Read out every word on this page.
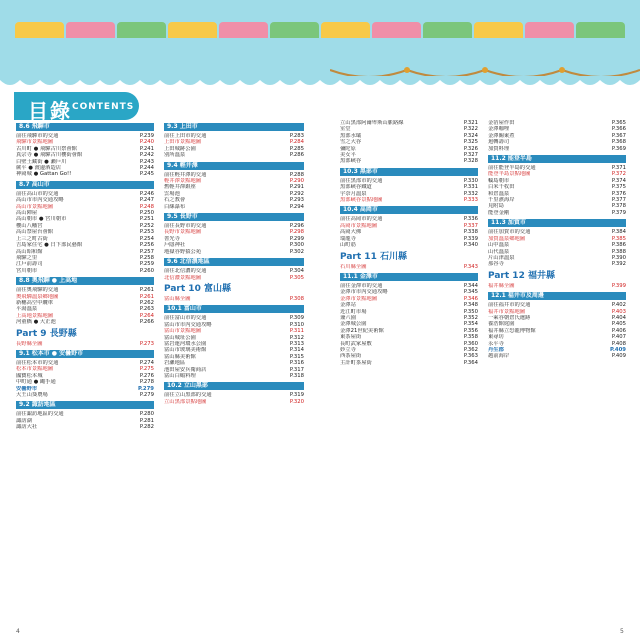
目錄 CONTENTS
8.6 飛驒市
前往飛驒市的交通	P.239
飛驒市景點地圖	P.240
古川町 ● 飛驒古川祭會館	P.241
真宗寺 ● 飛驒古川櫻街會館	P.242
白壁土藏街 ● 瀨戶川	P.243
蕨平 ● 渡邊酒造店	P.244
神岡城 ● Gattan Go!!	P.245
8.7 高山市
前往高山市的交通	P.246
高山市市內交通攻略	P.247
高山市景點地圖	P.248
高山陣屋	P.250
高山朝市 ● 宮川朝市	P.251
櫻山八幡宮	P.252
高山祭屋台會館	P.253
上三之町古街	P.254
吉島家住宅 ● 日下部民藝館	P.256
高山昭和館	P.257
飛驒之里	P.258
江戶前壽司	P.259
宮川朝市	P.260
8.8 奧飛驒 ● 上高地
前往奧飛驒的交通	P.261
奧飛驒溫泉鄉地圖	P.261
新穗高空中纜車	P.262
平湯溫泉	P.263
上高地景點地圖	P.264
河童橋 ● 大正池	P.266
Part 9 長野縣
長野縣全圖	P.273
9.1 松本市 ● 安曇野市
前往松本市的交通	P.274
松本市景點地圖	P.275
國寶松本城	P.276
中町通 ● 繩手通	P.278
安曇野市	P.279
大王山葵農場	P.279
9.2 諏訪地區
前往諏訪地區的交通	P.280
諏訪湖	P.281
諏訪大社	P.282
9.3 上田市
前往上田市的交通	P.283
上田市景點地圖	P.284
上田城跡公園	P.285
別所溫泉	P.286
9.4 輕井澤
前往輕井澤的交通	P.288
輕井澤景點地圖	P.290
舊輕井澤銀座	P.291
雲場池	P.292
石之教會	P.293
白絲瀑布	P.294
9.5 長野市
前往長野市的交通	P.296
長野市景點地圖	P.298
善光寺	P.299
戶隱神社	P.300
地獄谷野猿公苑	P.302
9.6 北信濃地區
前往北信濃的交通	P.304
北信濃景點地圖	P.305
Part 10 富山縣
富山縣全圖	P.308
10.1 富山市
前往富山市的交通	P.309
富山市市內交通攻略	P.310
富山市景點地圖	P.311
富山城址公園	P.312
富岩運河環水公園	P.313
富山市玻璃美術館	P.314
富山縣美術館	P.315
岩瀨地區	P.316
池田屋安兵衛商店	P.317
富山白蝦料理	P.318
10.2 立山黑部
前往立山黑部的交通	P.319
立山黑部景點地圖	P.320
立山黑部阿爾卑斯山脈路線	P.321
室堂	P.322
黑部水壩	P.324
雪之大谷	P.325
彌陀原	P.326
美女平	P.327
黑部峽谷	P.328
10.3 黑部市
前往黑部市的交通	P.330
黑部峽谷鐵道	P.331
宇奈月溫泉	P.332
黑部峽谷景點地圖	P.333
10.4 高岡市
前往高岡市的交通	P.336
高岡市景點地圖	P.337
高岡大佛	P.338
瑞龍寺	P.339
山町筋	P.340
Part 11 石川縣
石川縣全圖	P.343
11.1 金澤市
前往金澤市的交通	P.344
金澤市市內交通攻略	P.345
金澤市景點地圖	P.346
金澤站	P.348
近江町市場	P.350
兼六園	P.352
金澤城公園	P.354
金澤21世紀美術館	P.356
東茶屋街	P.358
長町武家屋敷	P.360
妙立寺	P.362
西茶屋街	P.363
主計町茶屋街	P.364
金箔屋作田	P.365
金澤咖哩	P.366
金澤關東煮	P.367
迴轉壽司	P.368
加賀料理	P.369
11.2 能登半島
前往能登半島的交通	P.371
能登半島景點地圖	P.372
輪島朝市	P.374
白米千枚田	P.375
和倉溫泉	P.376
千里濱海岸	P.377
見附島	P.378
能登金剛	P.379
11.3 加賀市
前往加賀市的交通	P.384
加賀溫泉鄉地圖	P.385
山中溫泉	P.386
山代溫泉	P.388
片山津溫泉	P.390
那谷寺	P.392
Part 12 福井縣
福井縣全圖	P.399
12.1 福井市及周邊
前往福井市的交通	P.402
福井市景點地圖	P.403
一乘谷朝倉氏遺跡	P.404
養浩館庭園	P.405
福井縣立恐龍博物館	P.406
東尋坊	P.407
永平寺	P.408
丹生郡	P.409
越前海岸	P.409
4	5
